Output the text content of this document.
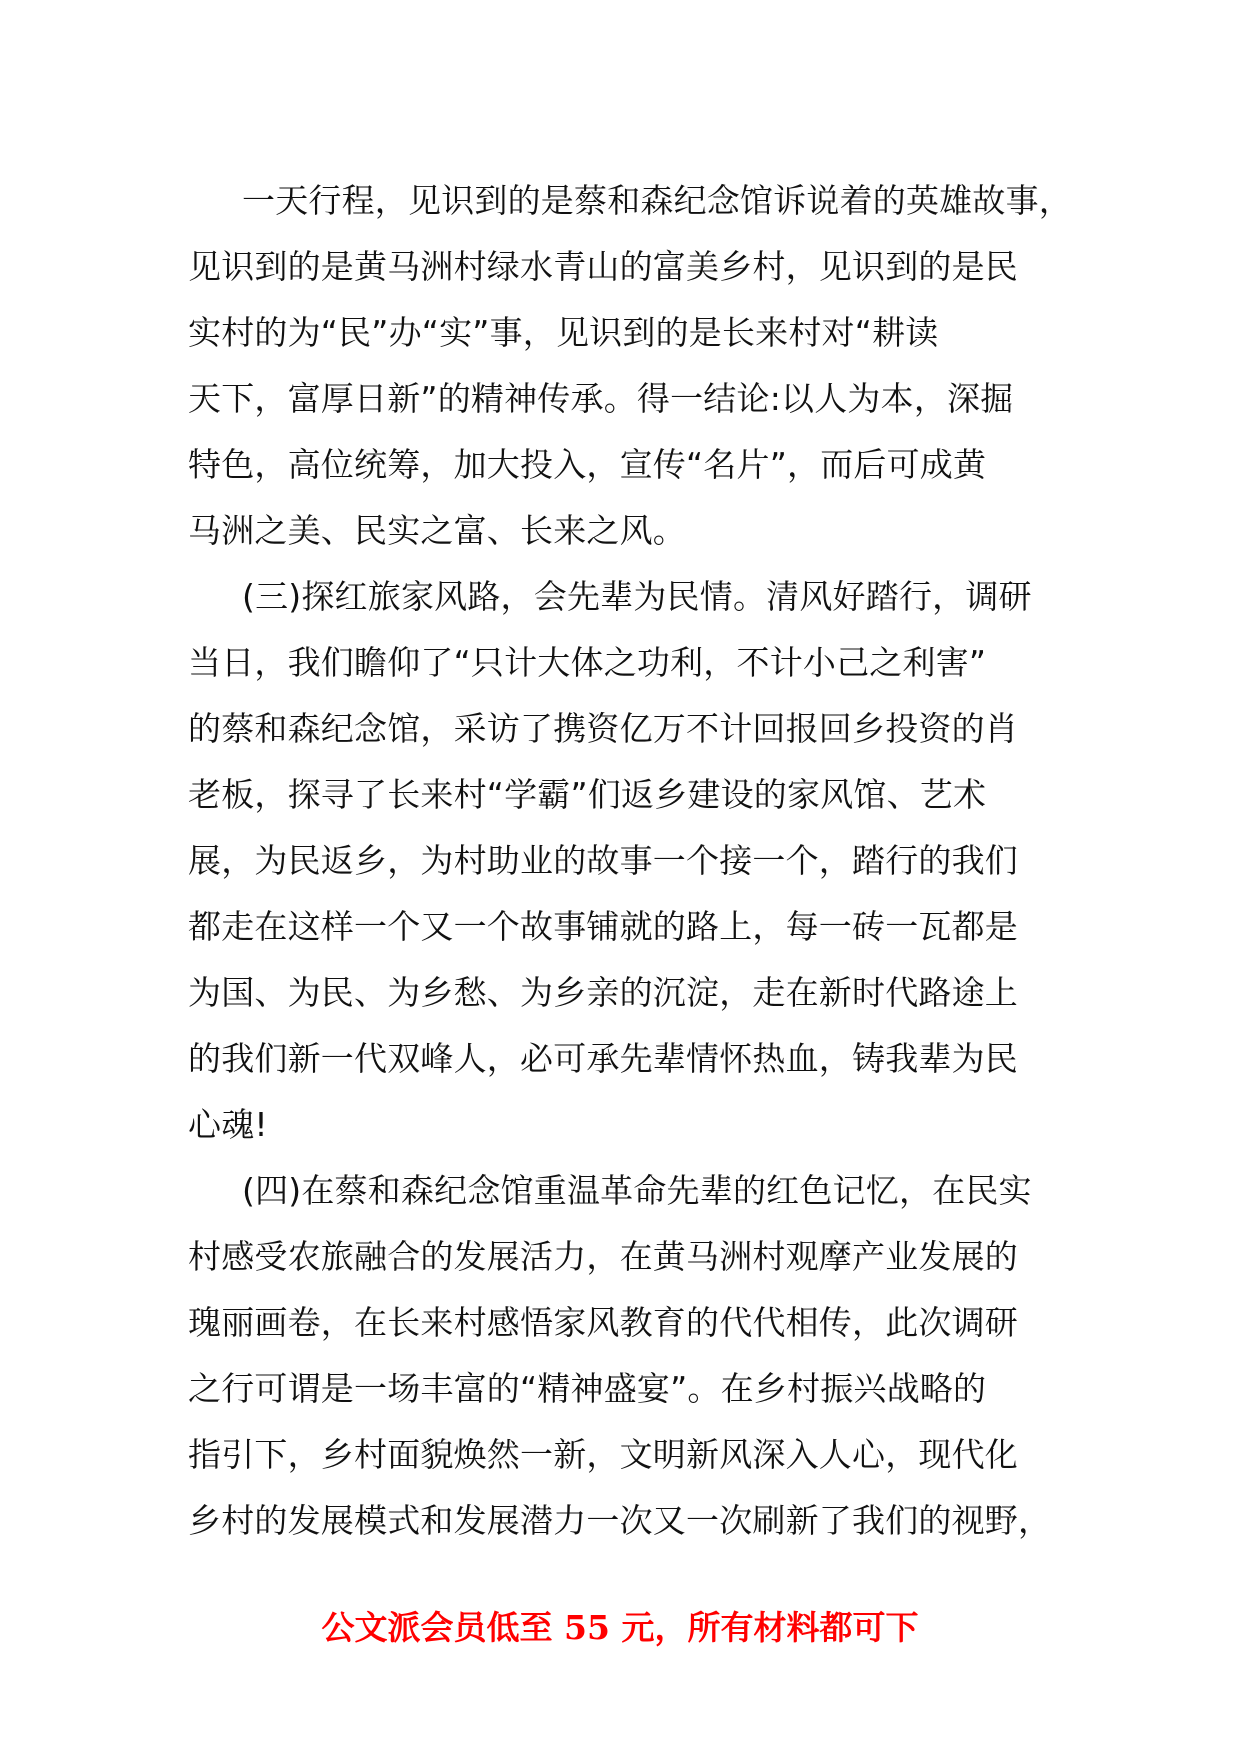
一天行程，见识到的是蔡和森纪念馆诉说着的英雄故事，
见识到的是黄马洲村绿水青山的富美乡村，见识到的是民
实村的为“民”办“实”事，见识到的是长来村对“耕读
天下，富厚日新”的精神传承。得一结论:以人为本，深掘
特色，高位统筹，加大投入，宣传“名片”，而后可成黄
马洲之美、民实之富、长来之风。
(三)探红旅家风路，会先辈为民情。清风好踏行，调研
当日，我们瞻仰了“只计大体之功利，不计小己之利害”
的蔡和森纪念馆，采访了携资亿万不计回报回乡投资的肖
老板，探寻了长来村“学霸”们返乡建设的家风馆、艺术
展，为民返乡，为村助业的故事一个接一个，踏行的我们
都走在这样一个又一个故事铺就的路上，每一砖一瓦都是
为国、为民、为乡愁、为乡亲的沉淀，走在新时代路途上
的我们新一代双峰人，必可承先辈情怀热血，铸我辈为民
心魂!
(四)在蔡和森纪念馆重温革命先辈的红色记忆，在民实
村感受农旅融合的发展活力，在黄马洲村观摩产业发展的
瑰丽画卷，在长来村感悟家风教育的代代相传，此次调研
之行可谓是一场丰富的“精神盛宴”。在乡村振兴战略的
指引下，乡村面貌焕然一新，文明新风深入人心，现代化
乡村的发展模式和发展潜力一次又一次刷新了我们的视野，
公文派会员低至 55 元，所有材料都可下
